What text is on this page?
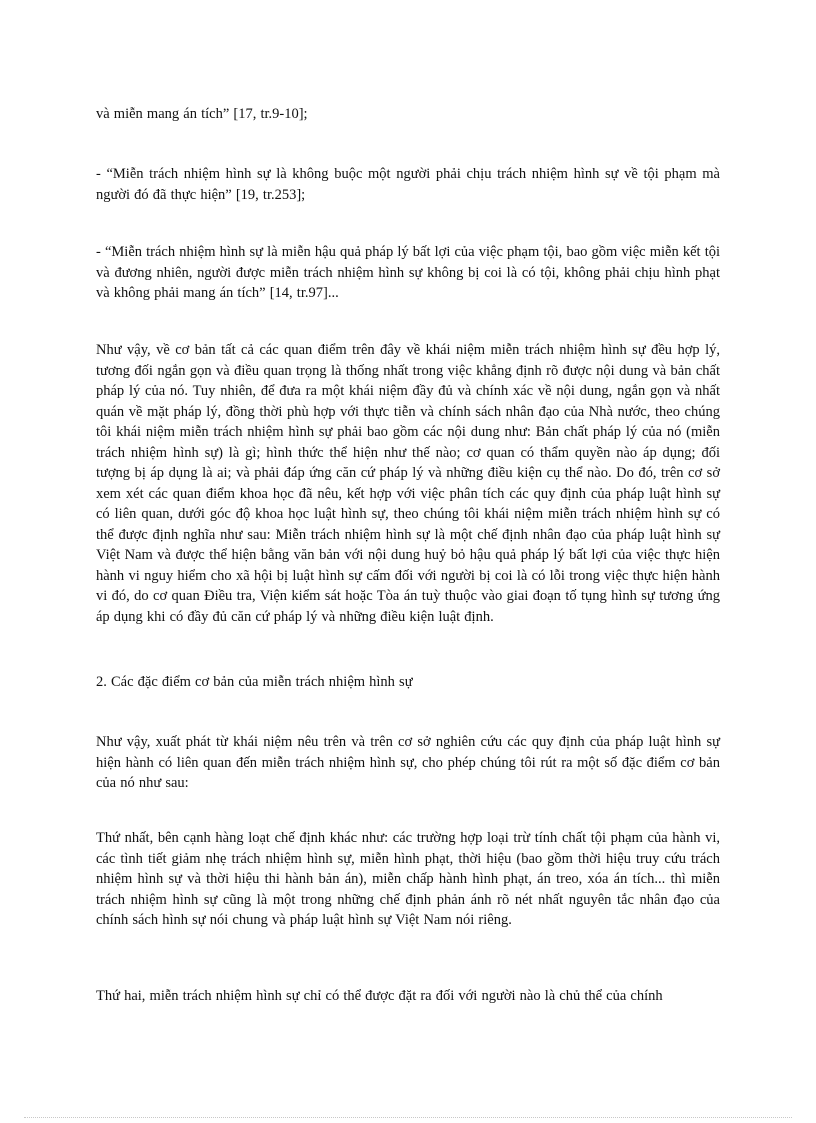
và miễn mang án tích” [17, tr.9-10];

- “Miễn trách nhiệm hình sự là không buộc một người phải chịu trách nhiệm hình sự về tội phạm mà người đó đã thực hiện” [19, tr.253];

- “Miễn trách nhiệm hình sự là miễn hậu quả pháp lý bất lợi của việc phạm tội, bao gồm việc miễn kết tội và đương nhiên, người được miễn trách nhiệm hình sự không bị coi là có tội, không phải chịu hình phạt và không phải mang án tích” [14, tr.97]...

Như vậy, về cơ bản tất cả các quan điểm trên đây về khái niệm miễn trách nhiệm hình sự đều hợp lý, tương đối ngắn gọn và điều quan trọng là thống nhất trong việc khẳng định rõ được nội dung và bản chất pháp lý của nó. Tuy nhiên, để đưa ra một khái niệm đầy đủ và chính xác về nội dung, ngắn gọn và nhất quán về mặt pháp lý, đồng thời phù hợp với thực tiễn và chính sách nhân đạo của Nhà nước, theo chúng tôi khái niệm miễn trách nhiệm hình sự phải bao gồm các nội dung như: Bản chất pháp lý của nó (miễn trách nhiệm hình sự) là gì; hình thức thể hiện như thế nào; cơ quan có thẩm quyền nào áp dụng; đối tượng bị áp dụng là ai; và phải đáp ứng căn cứ pháp lý và những điều kiện cụ thể nào. Do đó, trên cơ sở xem xét các quan điểm khoa học đã nêu, kết hợp với việc phân tích các quy định của pháp luật hình sự có liên quan, dưới góc độ khoa học luật hình sự, theo chúng tôi khái niệm miễn trách nhiệm hình sự có thể được định nghĩa như sau: Miễn trách nhiệm hình sự là một chế định nhân đạo của pháp luật hình sự Việt Nam và được thể hiện bằng văn bản với nội dung huỷ bỏ hậu quả pháp lý bất lợi của việc thực hiện hành vi nguy hiểm cho xã hội bị luật hình sự cấm đối với người bị coi là có lỗi trong việc thực hiện hành vi đó, do cơ quan Điều tra, Viện kiểm sát hoặc Tòa án tuỳ thuộc vào giai đoạn tố tụng hình sự tương ứng áp dụng khi có đầy đủ căn cứ pháp lý và những điều kiện luật định.

2. Các đặc điểm cơ bản của miễn trách nhiệm hình sự

Như vậy, xuất phát từ khái niệm nêu trên và trên cơ sở nghiên cứu các quy định của pháp luật hình sự hiện hành có liên quan đến miễn trách nhiệm hình sự, cho phép chúng tôi rút ra một số đặc điểm cơ bản của nó như sau:

Thứ nhất, bên cạnh hàng loạt chế định khác như: các trường hợp loại trừ tính chất tội phạm của hành vi, các tình tiết giảm nhẹ trách nhiệm hình sự, miễn hình phạt, thời hiệu (bao gồm thời hiệu truy cứu trách nhiệm hình sự và thời hiệu thi hành bản án), miễn chấp hành hình phạt, án treo, xóa án tích... thì miễn trách nhiệm hình sự cũng là một trong những chế định phản ánh rõ nét nhất nguyên tắc nhân đạo của chính sách hình sự nói chung và pháp luật hình sự Việt Nam nói riêng.

Thứ hai, miễn trách nhiệm hình sự chỉ có thể được đặt ra đối với người nào là chủ thể của chính
